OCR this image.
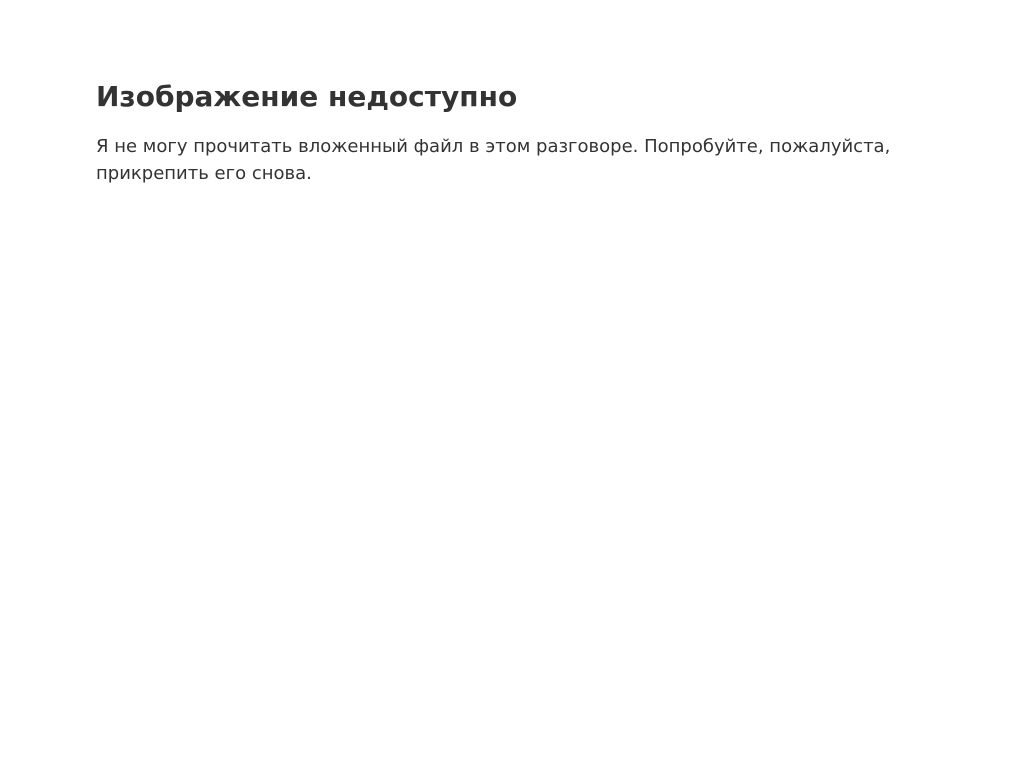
Изображение недоступно

Я не могу прочитать вложенный файл в этом разговоре. Попробуйте, пожалуйста, прикрепить его снова.
